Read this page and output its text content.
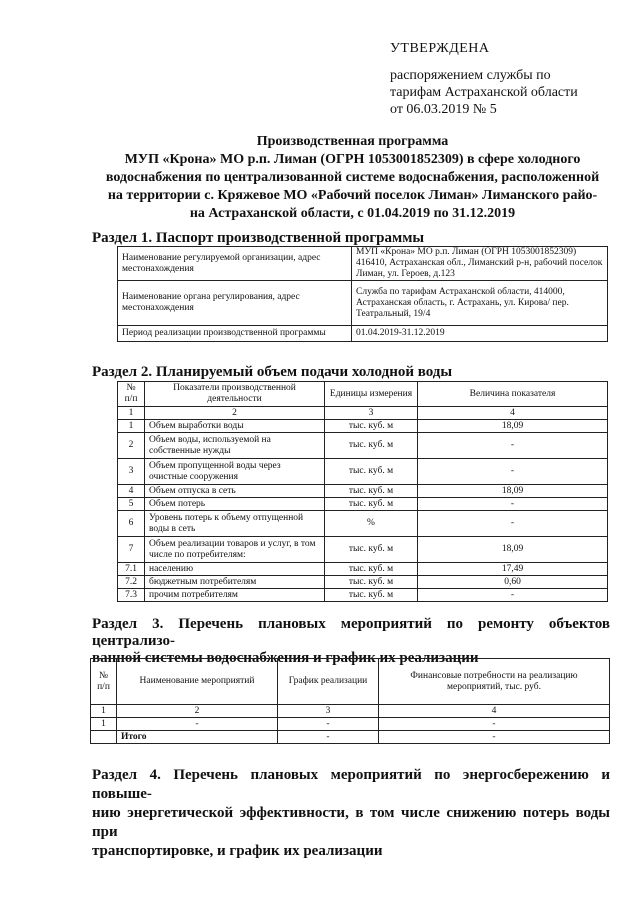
УТВЕРЖДЕНА
распоряжением службы по
тарифам Астраханской области
от 06.03.2019 № 5
Производственная программа
МУП «Крона» МО р.п. Лиман (ОГРН 1053001852309) в сфере холодного
водоснабжения по централизованной системе водоснабжения, расположенной
на территории с. Кряжевое МО «Рабочий поселок Лиман» Лиманского райо-
на Астраханской области, с 01.04.2019 по 31.12.2019
Раздел 1. Паспорт производственной программы
Наименование регулируемой организации, адрес местонахождения	МУП «Крона» МО р.п. Лиман (ОГРН 1053001852309) 416410, Астраханская обл., Лиманский р-н, рабочий поселок Лиман, ул. Героев, д.123
Наименование органа регулирования, адрес местонахождения	Служба по тарифам Астраханской области, 414000, Астраханская область, г. Астрахань, ул. Кирова/ пер. Театральный, 19/4
Период реализации производственной программы	01.04.2019-31.12.2019
Раздел 2. Планируемый объем подачи холодной воды
№ п/п	Показатели производственной деятельности	Единицы измерения	Величина показателя
1	2	3	4
1	Объем выработки воды	тыс. куб. м	18,09
2	Объем воды, используемой на собственные нужды	тыс. куб. м	-
3	Объем пропущенной воды через очистные сооружения	тыс. куб. м	-
4	Объем отпуска в сеть	тыс. куб. м	18,09
5	Объем потерь	тыс. куб. м	-
6	Уровень потерь к объему отпущенной воды в сеть	%	-
7	Объем реализации товаров и услуг, в том числе по потребителям:	тыс. куб. м	18,09
7.1	населению	тыс. куб. м	17,49
7.2	бюджетным потребителям	тыс. куб. м	0,60
7.3	прочим потребителям	тыс. куб. м	-
Раздел 3. Перечень плановых мероприятий по ремонту объектов централизо-
ванной системы водоснабжения и график их реализации
№ п/п	Наименование мероприятий	График реализации	Финансовые потребности на реализацию мероприятий, тыс. руб.
1	2	3	4
1	-	-	-
	Итого	-	-
Раздел 4. Перечень плановых мероприятий по энергосбережению и повыше-
нию энергетической эффективности, в том числе снижению потерь воды при
транспортировке, и график их реализации
